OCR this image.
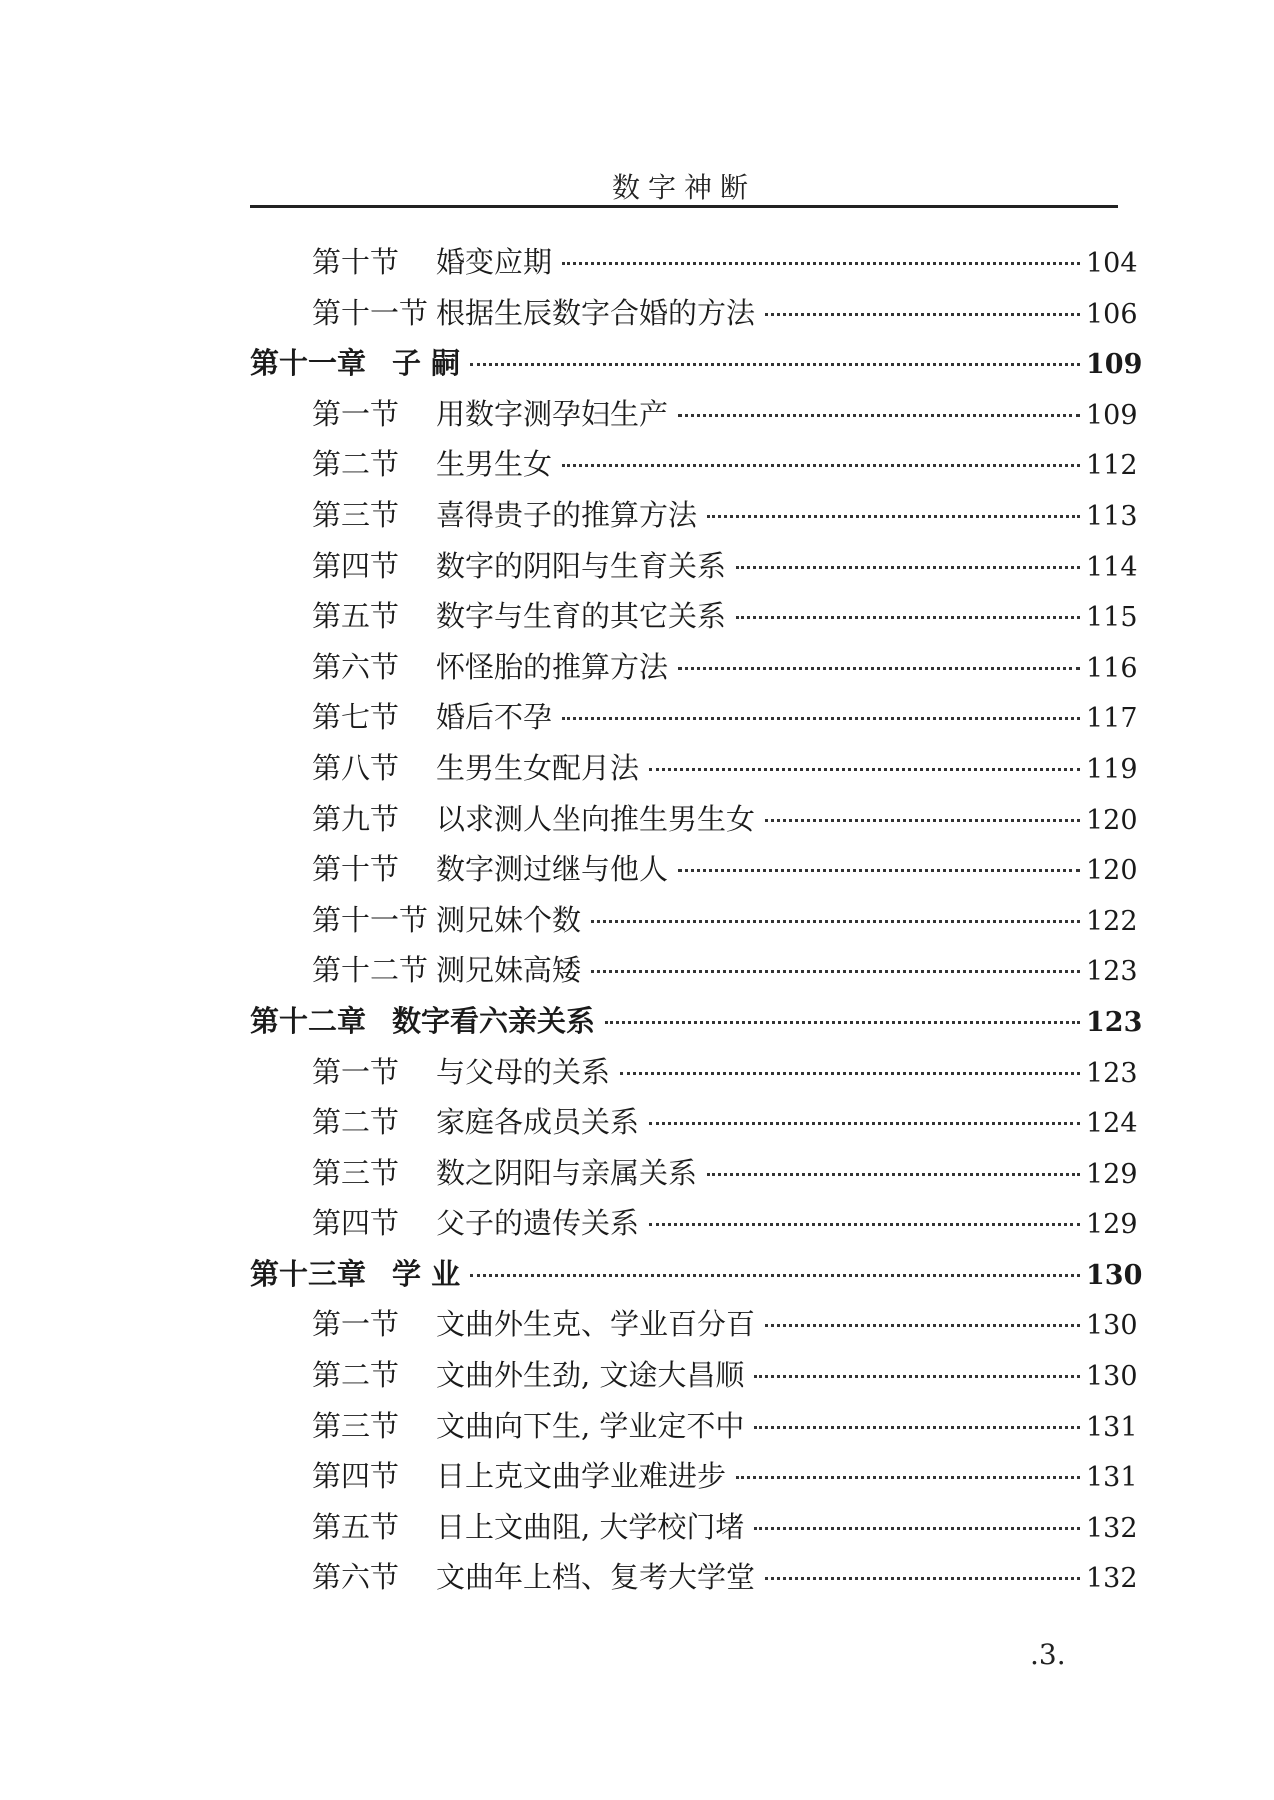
数字神断
第十节	婚变应期	104
第十一节 根据生辰数字合婚的方法	106
第十一章 子 嗣	109
第一节	用数字测孕妇生产	109
第二节	生男生女	112
第三节	喜得贵子的推算方法	113
第四节	数字的阴阳与生育关系	114
第五节	数字与生育的其它关系	115
第六节	怀怪胎的推算方法	116
第七节	婚后不孕	117
第八节	生男生女配月法	119
第九节	以求测人坐向推生男生女	120
第十节	数字测过继与他人	120
第十一节 测兄妹个数	122
第十二节 测兄妹高矮	123
第十二章 数字看六亲关系	123
第一节	与父母的关系	123
第二节	家庭各成员关系	124
第三节	数之阴阳与亲属关系	129
第四节	父子的遗传关系	129
第十三章 学 业	130
第一节	文曲外生克、学业百分百	130
第二节	文曲外生劲, 文途大昌顺	130
第三节	文曲向下生, 学业定不中	131
第四节	日上克文曲学业难进步	131
第五节	日上文曲阻, 大学校门堵	132
第六节	文曲年上档、复考大学堂	132
.3.
